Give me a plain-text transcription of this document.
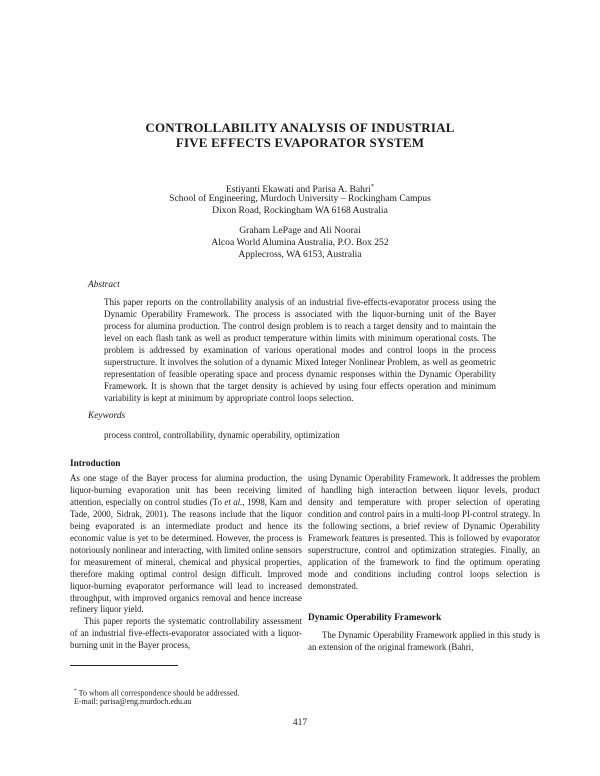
CONTROLLABILITY ANALYSIS OF INDUSTRIAL
FIVE EFFECTS EVAPORATOR SYSTEM
Estiyanti Ekawati and Parisa A. Bahri*
School of Engineering, Murdoch University – Rockingham Campus
Dixon Road, Rockingham WA 6168 Australia
Graham LePage and Ali Noorai
Alcoa World Alumina Australia, P.O. Box 252
Applecross, WA 6153, Australia
Abstract
This paper reports on the controllability analysis of an industrial five-effects-evaporator process using the Dynamic Operability Framework. The process is associated with the liquor-burning unit of the Bayer process for alumina production. The control design problem is to reach a target density and to maintain the level on each flash tank as well as product temperature within limits with minimum operational costs. The problem is addressed by examination of various operational modes and control loops in the process superstructure. It involves the solution of a dynamic Mixed Integer Nonlinear Problem, as well as geometric representation of feasible operating space and process dynamic responses within the Dynamic Operability Framework. It is shown that the target density is achieved by using four effects operation and minimum variability is kept at minimum by appropriate control loops selection.
Keywords
process control, controllability, dynamic operability, optimization
Introduction

As one stage of the Bayer process for alumina production, the liquor-burning evaporation unit has been receiving limited attention, especially on control studies (To et al., 1998, Kam and Tade, 2000, Sidrak, 2001). The reasons include that the liquor being evaporated is an intermediate product and hence its economic value is yet to be determined. However, the process is notoriously nonlinear and interacting, with limited online sensors for measurement of mineral, chemical and physical properties, therefore making optimal control design difficult. Improved liquor-burning evaporator performance will lead to increased throughput, with improved organics removal and hence increase refinery liquor yield.

This paper reports the systematic controllability assessment of an industrial five-effects-evaporator associated with a liquor-burning unit in the Bayer process,

using Dynamic Operability Framework. It addresses the problem of handling high interaction between liquor levels, product density and temperature with proper selection of operating condition and control pairs in a multi-loop PI-control strategy. In the following sections, a brief review of Dynamic Operability Framework features is presented. This is followed by evaporator superstructure, control and optimization strategies. Finally, an application of the framework to find the optimum operating mode and conditions including control loops selection is demonstrated.

Dynamic Operability Framework

The Dynamic Operability Framework applied in this study is an extension of the original framework (Bahri,

* To whom all correspondence should be addressed.
E-mail: parisa@eng.murdoch.edu.au
417
